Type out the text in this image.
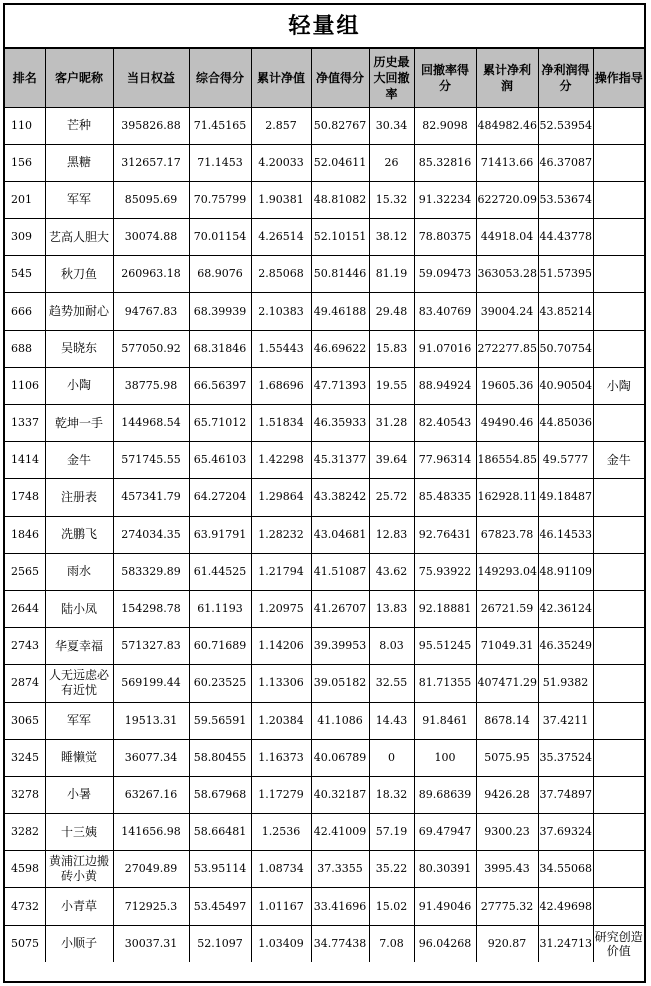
轻量组
排名	客户昵称	当日权益	综合得分	累计净值	净值得分	历史最大回撤率	回撤率得分	累计净利润	净利润得分	操作指导
110	芒种	395826.88	71.45165	2.857	50.82767	30.34	82.9098	484982.46	52.53954	
156	黑糖	312657.17	71.1453	4.20033	52.04611	26	85.32816	71413.66	46.37087	
201	军军	85095.69	70.75799	1.90381	48.81082	15.32	91.32234	622720.09	53.53674	
309	艺高人胆大	30074.88	70.01154	4.26514	52.10151	38.12	78.80375	44918.04	44.43778	
545	秋刀鱼	260963.18	68.9076	2.85068	50.81446	81.19	59.09473	363053.28	51.57395	
666	趋势加耐心	94767.83	68.39939	2.10383	49.46188	29.48	83.40769	39004.24	43.85214	
688	吴晓东	577050.92	68.31846	1.55443	46.69622	15.83	91.07016	272277.85	50.70754	
1106	小陶	38775.98	66.56397	1.68696	47.71393	19.55	88.94924	19605.36	40.90504	小陶
1337	乾坤一手	144968.54	65.71012	1.51834	46.35933	31.28	82.40543	49490.46	44.85036	
1414	金牛	571745.55	65.46103	1.42298	45.31377	39.64	77.96314	186554.85	49.5777	金牛
1748	注册表	457341.79	64.27204	1.29864	43.38242	25.72	85.48335	162928.11	49.18487	
1846	冼鹏飞	274034.35	63.91791	1.28232	43.04681	12.83	92.76431	67823.78	46.14533	
2565	雨水	583329.89	61.44525	1.21794	41.51087	43.62	75.93922	149293.04	48.91109	
2644	陆小凤	154298.78	61.1193	1.20975	41.26707	13.83	92.18881	26721.59	42.36124	
2743	华夏幸福	571327.83	60.71689	1.14206	39.39953	8.03	95.51245	71049.31	46.35249	
2874	人无远虑必有近忧	569199.44	60.23525	1.13306	39.05182	32.55	81.71355	407471.29	51.9382	
3065	军军	19513.31	59.56591	1.20384	41.1086	14.43	91.8461	8678.14	37.4211	
3245	睡懒觉	36077.34	58.80455	1.16373	40.06789	0	100	5075.95	35.37524	
3278	小暑	63267.16	58.67968	1.17279	40.32187	18.32	89.68639	9426.28	37.74897	
3282	十三姨	141656.98	58.66481	1.2536	42.41009	57.19	69.47947	9300.23	37.69324	
4598	黄浦江边搬砖小黄	27049.89	53.95114	1.08734	37.3355	35.22	80.30391	3995.43	34.55068	
4732	小青草	712925.3	53.45497	1.01167	33.41696	15.02	91.49046	27775.32	42.49698	
5075	小顺子	30037.31	52.1097	1.03409	34.77438	7.08	96.04268	920.87	31.24713	研究创造价值
